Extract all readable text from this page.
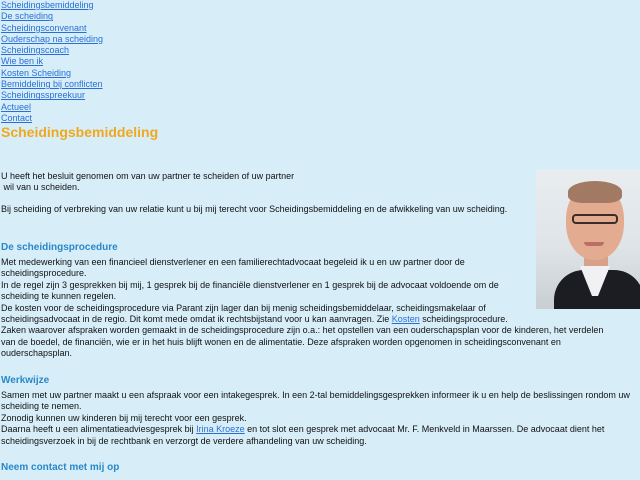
Scheidingsbemiddeling
De scheiding
Scheidingsconvenant
Ouderschap na scheiding
Scheidingscoach
Wie ben ik
Kosten Scheiding
Bemiddeling bij conflicten
Scheidingsspreekuur
Actueel
Contact
Scheidingsbemiddeling
U heeft het besluit genomen om van uw partner te scheiden of uw partner
wil van u scheiden.
Bij scheiding of verbreking van uw relatie kunt u bij mij terecht voor Scheidingsbemiddeling en de afwikkeling van uw scheiding.
De scheidingsprocedure

Met medewerking van een financieel dienstverlener en een familierechtadvocaat begeleid ik u en uw partner door de scheidingsprocedure.

In de regel zijn 3 gesprekken bij mij, 1 gesprek bij de financiële dienstverlener en 1 gesprek bij de advocaat voldoende om de scheiding te kunnen regelen.

De kosten voor de scheidingsprocedure via Parant zijn lager dan bij menig scheidingsbemiddelaar, scheidingsmakelaar of scheidingsadvocaat in de regio. Dit komt mede omdat ik rechtsbijstand voor u kan aanvragen. Zie Kosten scheidingsprocedure.

Zaken waarover afspraken worden gemaakt in de scheidingsprocedure zijn o.a.: het opstellen van een ouderschapsplan voor de kinderen, het verdelen van de boedel, de financiën, wie er in het huis blijft wonen en de alimentatie. Deze afspraken worden opgenomen in scheidingsconvenant en ouderschapsplan.

Werkwijze

Samen met uw partner maakt u een afspraak voor een intakegesprek. In een 2-tal bemiddelingsgesprekken informeer ik u en help de beslissingen rondom uw scheiding te nemen.

Zonodig kunnen uw kinderen bij mij terecht voor een gesprek.

Daarna heeft u een alimentatieadviesgesprek bij Irina Kroeze en tot slot een gesprek met advocaat Mr. F. Menkveld in Maarssen. De advocaat dient het scheidingsverzoek in bij de rechtbank en verzorgt de verdere afhandeling van uw scheiding.

Neem contact met mij op
